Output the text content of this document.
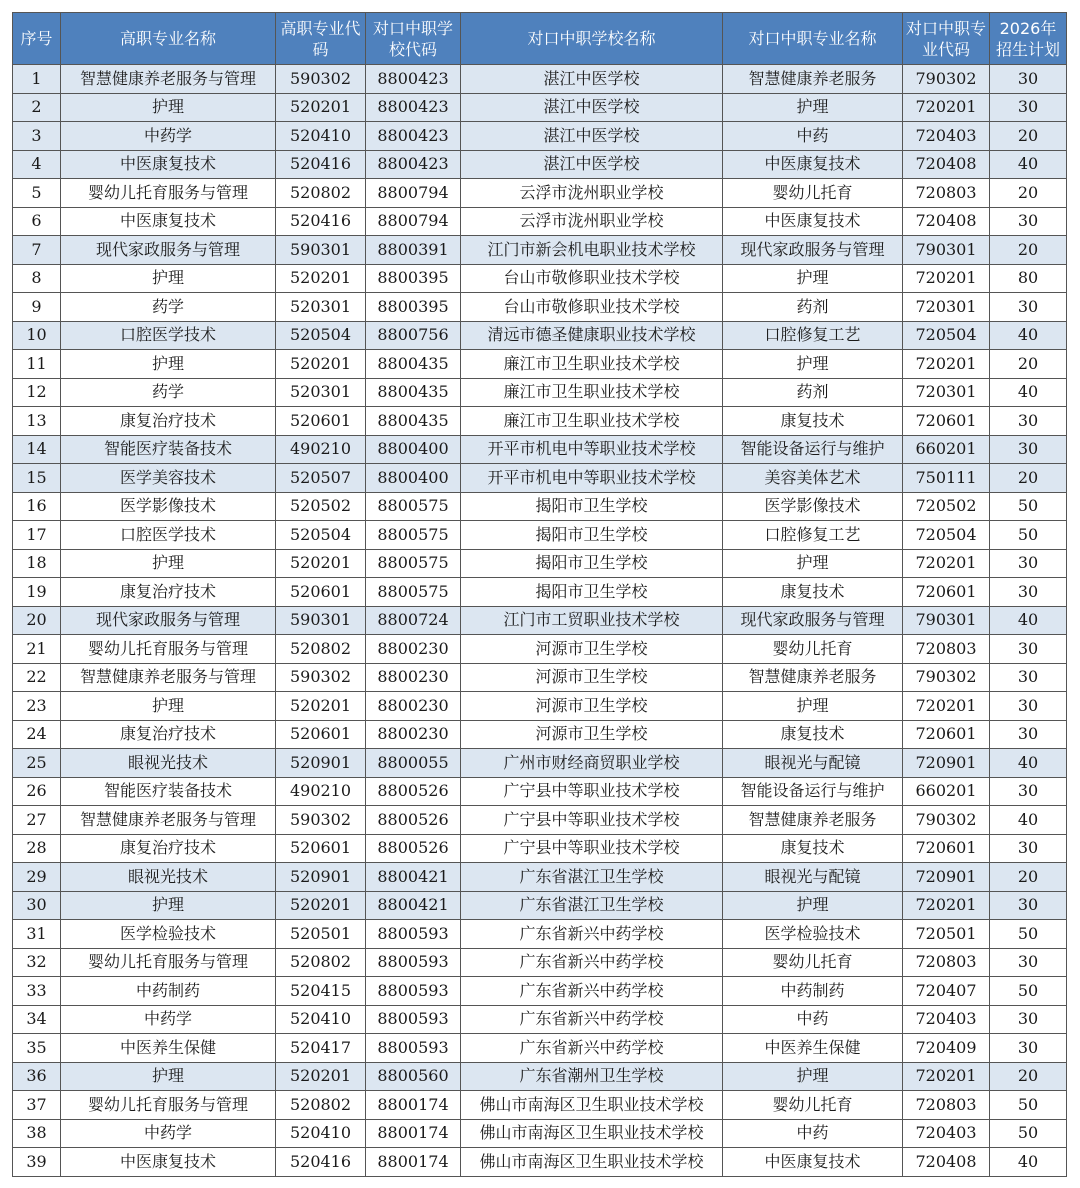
序号	高职专业名称	高职专业代码	对口中职学校代码	对口中职学校名称	对口中职专业名称	对口中职专业代码	2026年招生计划
1	智慧健康养老服务与管理	590302	8800423	湛江中医学校	智慧健康养老服务	790302	30
2	护理	520201	8800423	湛江中医学校	护理	720201	30
3	中药学	520410	8800423	湛江中医学校	中药	720403	20
4	中医康复技术	520416	8800423	湛江中医学校	中医康复技术	720408	40
5	婴幼儿托育服务与管理	520802	8800794	云浮市泷州职业学校	婴幼儿托育	720803	20
6	中医康复技术	520416	8800794	云浮市泷州职业学校	中医康复技术	720408	30
7	现代家政服务与管理	590301	8800391	江门市新会机电职业技术学校	现代家政服务与管理	790301	20
8	护理	520201	8800395	台山市敬修职业技术学校	护理	720201	80
9	药学	520301	8800395	台山市敬修职业技术学校	药剂	720301	30
10	口腔医学技术	520504	8800756	清远市德圣健康职业技术学校	口腔修复工艺	720504	40
11	护理	520201	8800435	廉江市卫生职业技术学校	护理	720201	20
12	药学	520301	8800435	廉江市卫生职业技术学校	药剂	720301	40
13	康复治疗技术	520601	8800435	廉江市卫生职业技术学校	康复技术	720601	30
14	智能医疗装备技术	490210	8800400	开平市机电中等职业技术学校	智能设备运行与维护	660201	30
15	医学美容技术	520507	8800400	开平市机电中等职业技术学校	美容美体艺术	750111	20
16	医学影像技术	520502	8800575	揭阳市卫生学校	医学影像技术	720502	50
17	口腔医学技术	520504	8800575	揭阳市卫生学校	口腔修复工艺	720504	50
18	护理	520201	8800575	揭阳市卫生学校	护理	720201	30
19	康复治疗技术	520601	8800575	揭阳市卫生学校	康复技术	720601	30
20	现代家政服务与管理	590301	8800724	江门市工贸职业技术学校	现代家政服务与管理	790301	40
21	婴幼儿托育服务与管理	520802	8800230	河源市卫生学校	婴幼儿托育	720803	30
22	智慧健康养老服务与管理	590302	8800230	河源市卫生学校	智慧健康养老服务	790302	30
23	护理	520201	8800230	河源市卫生学校	护理	720201	30
24	康复治疗技术	520601	8800230	河源市卫生学校	康复技术	720601	30
25	眼视光技术	520901	8800055	广州市财经商贸职业学校	眼视光与配镜	720901	40
26	智能医疗装备技术	490210	8800526	广宁县中等职业技术学校	智能设备运行与维护	660201	30
27	智慧健康养老服务与管理	590302	8800526	广宁县中等职业技术学校	智慧健康养老服务	790302	40
28	康复治疗技术	520601	8800526	广宁县中等职业技术学校	康复技术	720601	30
29	眼视光技术	520901	8800421	广东省湛江卫生学校	眼视光与配镜	720901	20
30	护理	520201	8800421	广东省湛江卫生学校	护理	720201	30
31	医学检验技术	520501	8800593	广东省新兴中药学校	医学检验技术	720501	50
32	婴幼儿托育服务与管理	520802	8800593	广东省新兴中药学校	婴幼儿托育	720803	30
33	中药制药	520415	8800593	广东省新兴中药学校	中药制药	720407	50
34	中药学	520410	8800593	广东省新兴中药学校	中药	720403	30
35	中医养生保健	520417	8800593	广东省新兴中药学校	中医养生保健	720409	30
36	护理	520201	8800560	广东省潮州卫生学校	护理	720201	20
37	婴幼儿托育服务与管理	520802	8800174	佛山市南海区卫生职业技术学校	婴幼儿托育	720803	50
38	中药学	520410	8800174	佛山市南海区卫生职业技术学校	中药	720403	50
39	中医康复技术	520416	8800174	佛山市南海区卫生职业技术学校	中医康复技术	720408	40
